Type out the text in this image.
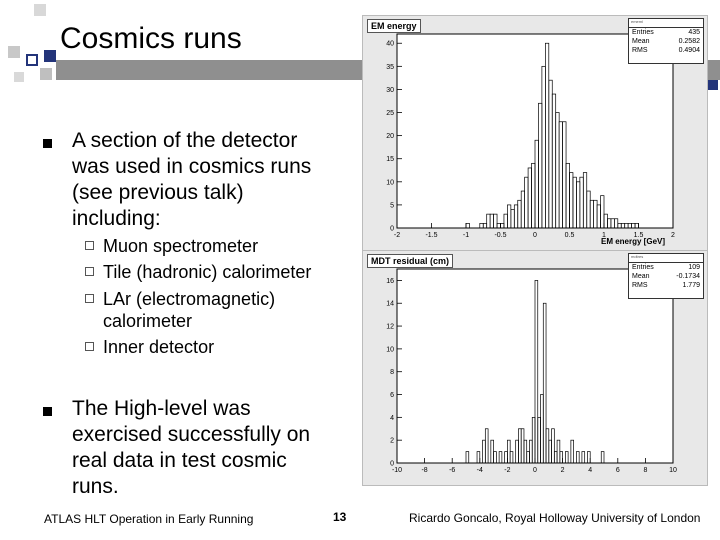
Cosmics runs
A section of the detector
was used in cosmics runs
(see previous talk)
including:
Muon spectrometer
Tile (hadronic) calorimeter
LAr (electromagnetic)
calorimeter
Inner detector
The High-level was
exercised successfully on
real data in test cosmic
runs.
0
5
10
15
20
25
30
35
40
-2	-1.5	-1	-0.5	0	0.5	1	1.5	2
EM energy	ememl
Entries	435
Mean	0.2582
RMS	0.4904
EM energy [GeV]
0
2
4
6
8
10
12
14
16
-10	-8	-6	-4	-2	0	2	4	6	8	10
MDT residual (cm)	mdtres
Entries	109
Mean	-0.1734
RMS	1.779
ATLAS HLT Operation in Early Running	13	Ricardo Goncalo, Royal Holloway University of London
